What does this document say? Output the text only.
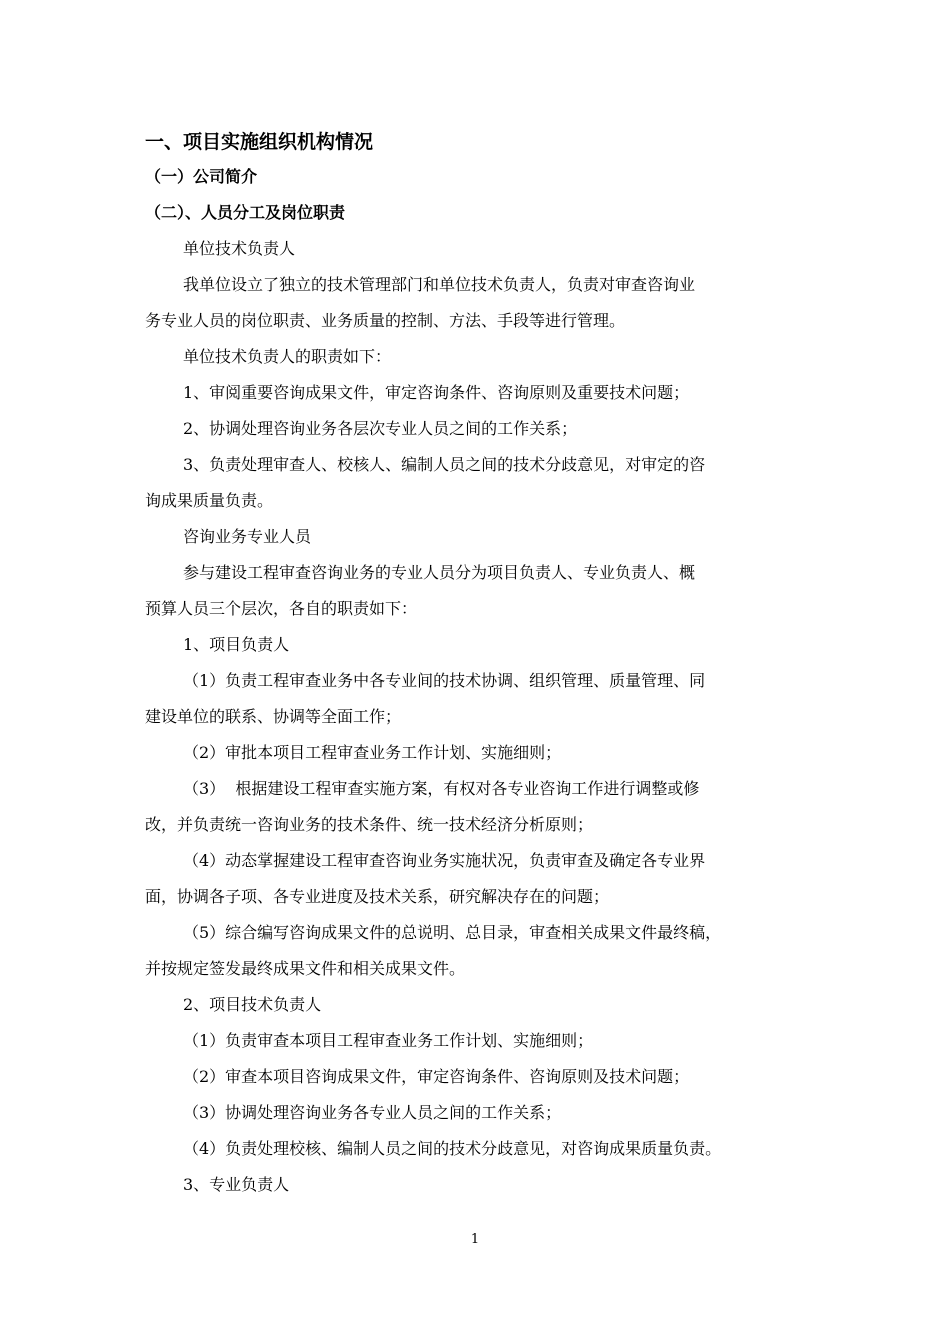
一、项目实施组织机构情况
（一）公司简介
（二）、人员分工及岗位职责
单位技术负责人
我单位设立了独立的技术管理部门和单位技术负责人，负责对审查咨询业
务专业人员的岗位职责、业务质量的控制、方法、手段等进行管理。
单位技术负责人的职责如下：
1、审阅重要咨询成果文件，审定咨询条件、咨询原则及重要技术问题；
2、协调处理咨询业务各层次专业人员之间的工作关系；
3、负责处理审查人、校核人、编制人员之间的技术分歧意见，对审定的咨
询成果质量负责。
咨询业务专业人员
参与建设工程审查咨询业务的专业人员分为项目负责人、专业负责人、概
预算人员三个层次，各自的职责如下：
1、项目负责人
（1）负责工程审查业务中各专业间的技术协调、组织管理、质量管理、同
建设单位的联系、协调等全面工作；
（2）审批本项目工程审查业务工作计划、实施细则；
（3）  根据建设工程审查实施方案，有权对各专业咨询工作进行调整或修
改，并负责统一咨询业务的技术条件、统一技术经济分析原则；
（4）动态掌握建设工程审查咨询业务实施状况，负责审查及确定各专业界
面，协调各子项、各专业进度及技术关系，研究解决存在的问题；
（5）综合编写咨询成果文件的总说明、总目录，审查相关成果文件最终稿，
并按规定签发最终成果文件和相关成果文件。
2、项目技术负责人
（1）负责审查本项目工程审查业务工作计划、实施细则；
（2）审查本项目咨询成果文件，审定咨询条件、咨询原则及技术问题；
（3）协调处理咨询业务各专业人员之间的工作关系；
（4）负责处理校核、编制人员之间的技术分歧意见，对咨询成果质量负责。
3、专业负责人
1
